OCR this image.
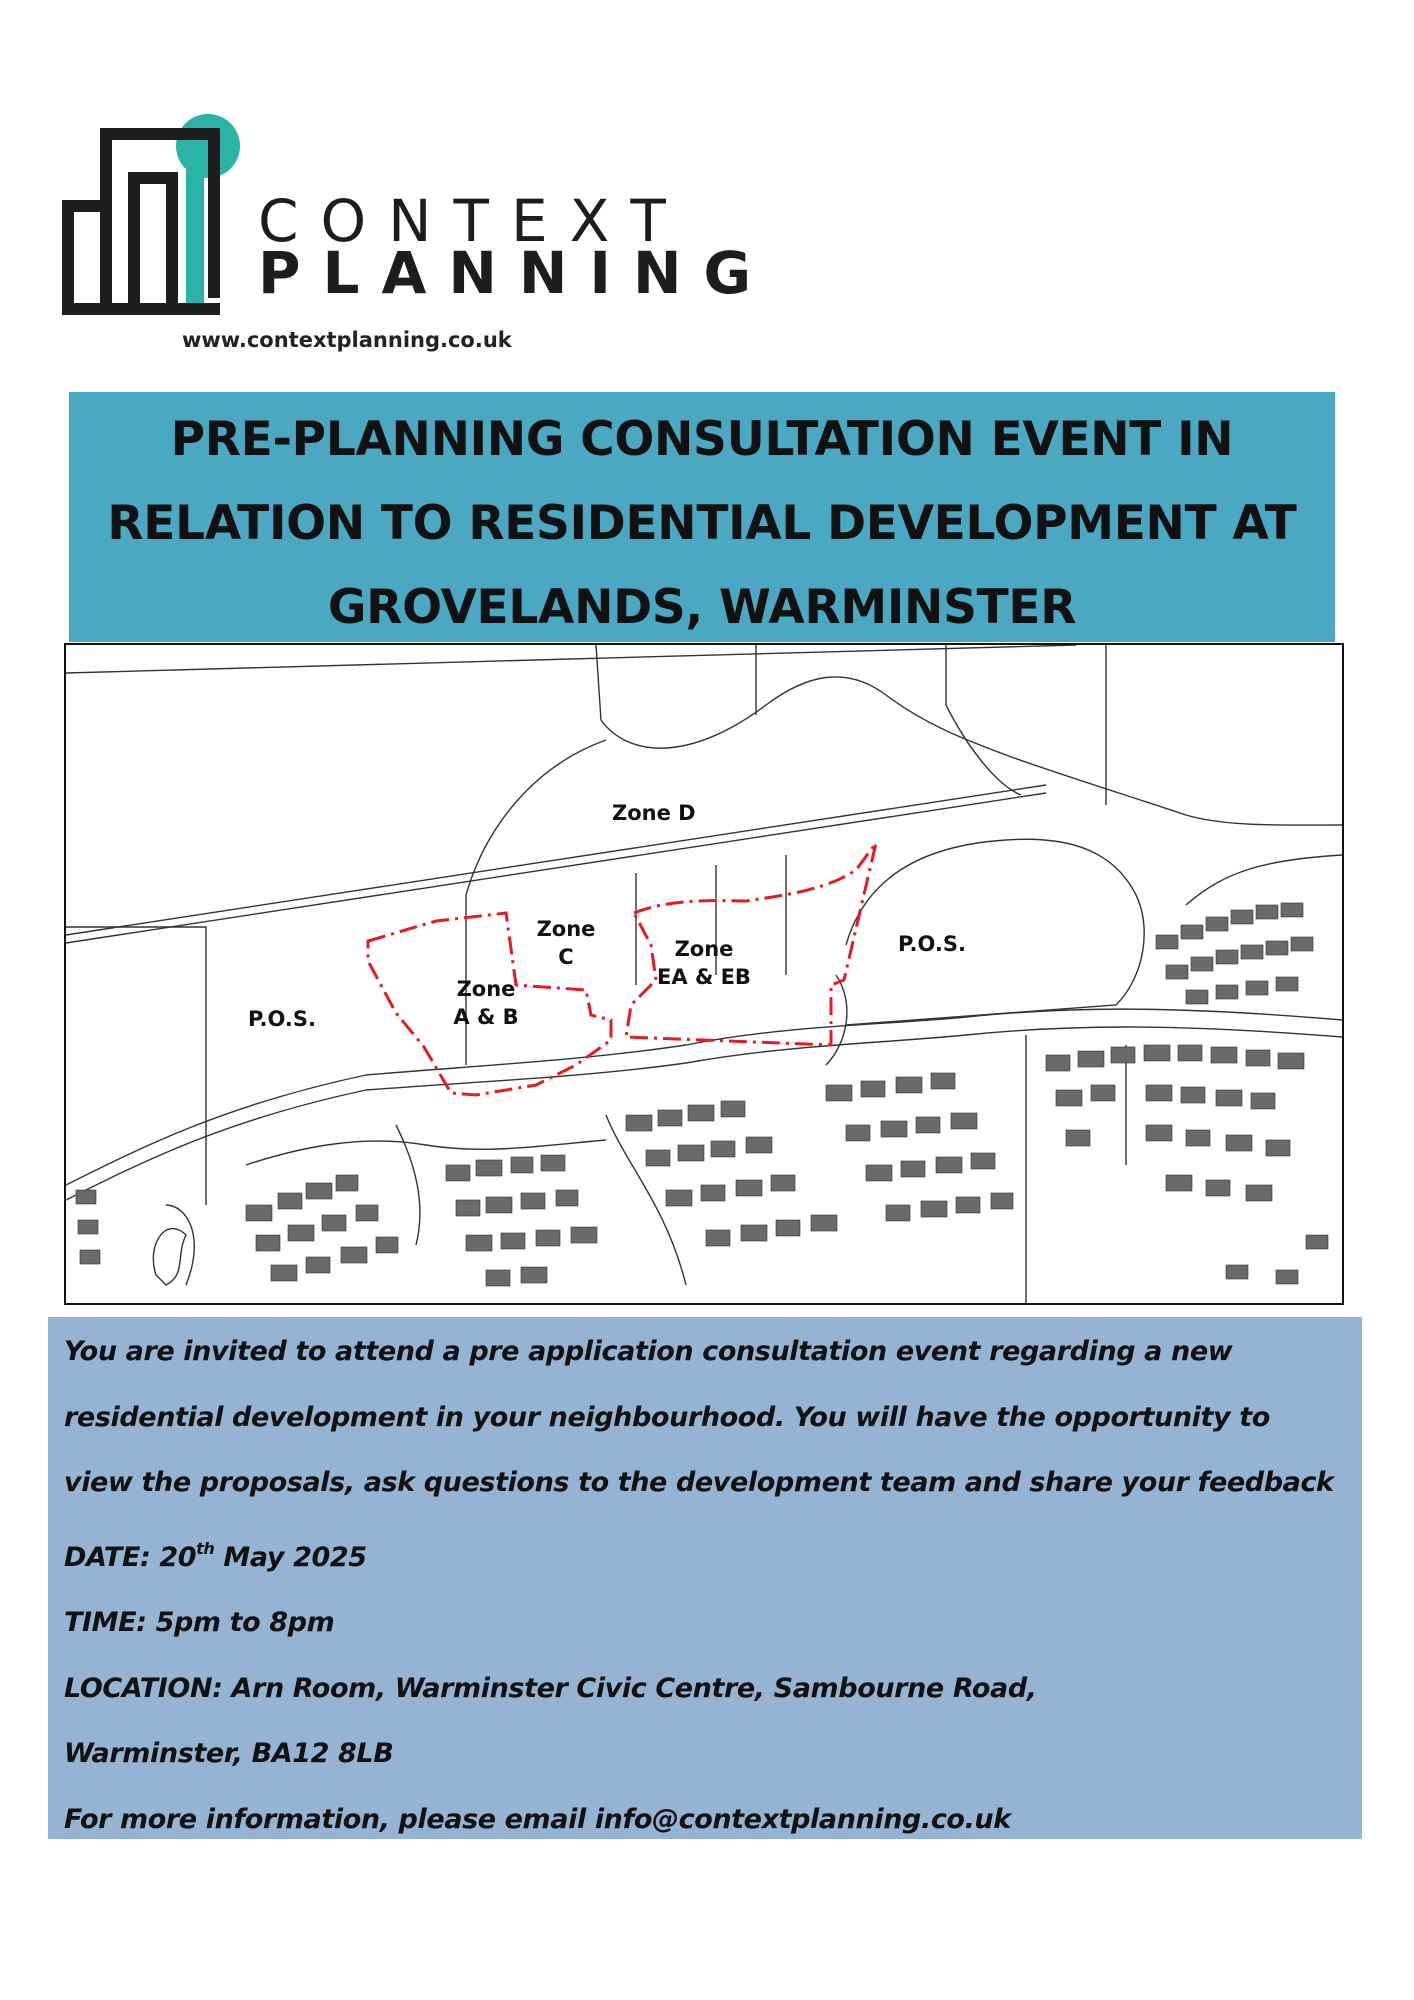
CONTEXT
PLANNING
www.contextplanning.co.uk
PRE-PLANNING CONSULTATION EVENT IN
RELATION TO RESIDENTIAL DEVELOPMENT AT
GROVELANDS, WARMINSTER
Zone D
Zone
C
Zone
A & B
Zone
EA & EB
P.O.S.
P.O.S.

You are invited to attend a pre application consultation event regarding a new

residential development in your neighbourhood. You will have the opportunity to

view the proposals, ask questions to the development team and share your feedback

DATE: 20th May 2025

TIME: 5pm to 8pm

LOCATION: Arn Room, Warminster Civic Centre, Sambourne Road,

Warminster, BA12 8LB

For more information, please email info@contextplanning.co.uk
